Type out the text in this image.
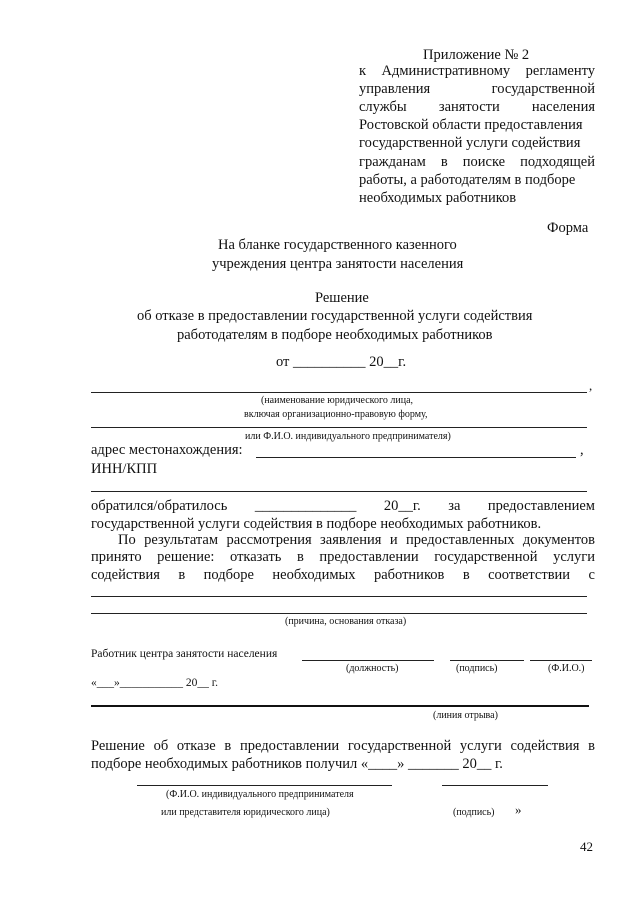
Приложение № 2
к Административному регламенту
управления	государственной
службы занятости населения
Ростовской области предоставления
государственной услуги содействия
гражданам в поиске подходящей
работы, а работодателям в подборе
необходимых работников
Форма
На бланке государственного казенного
учреждения центра занятости населения
Решение
об отказе в предоставлении государственной услуги содействия
работодателям в подборе необходимых работников
от __________ 20__г.
,
(наименование юридического лица,
включая организационно-правовую форму,
или Ф.И.О. индивидуального предпринимателя)
адрес местонахождения:	,
ИНН/КПП
обратился/обратилось ______________ 20__г. за предоставлением
государственной услуги содействия в подборе необходимых работников.
По результатам рассмотрения заявления и предоставленных документов
принято решение: отказать в предоставлении государственной услуги
содействия в подборе необходимых работников в соответствии с
(причина, основания отказа)
Работник центра занятости населения
(должность)	(подпись)	(Ф.И.О.)
«___»___________ 20__ г.
(линия отрыва)
Решение об отказе в предоставлении государственной услуги содействия в
подборе необходимых работников получил «____» _______ 20__ г.
(Ф.И.О. индивидуального предпринимателя
или представителя юридического лица)	(подпись) »
42
